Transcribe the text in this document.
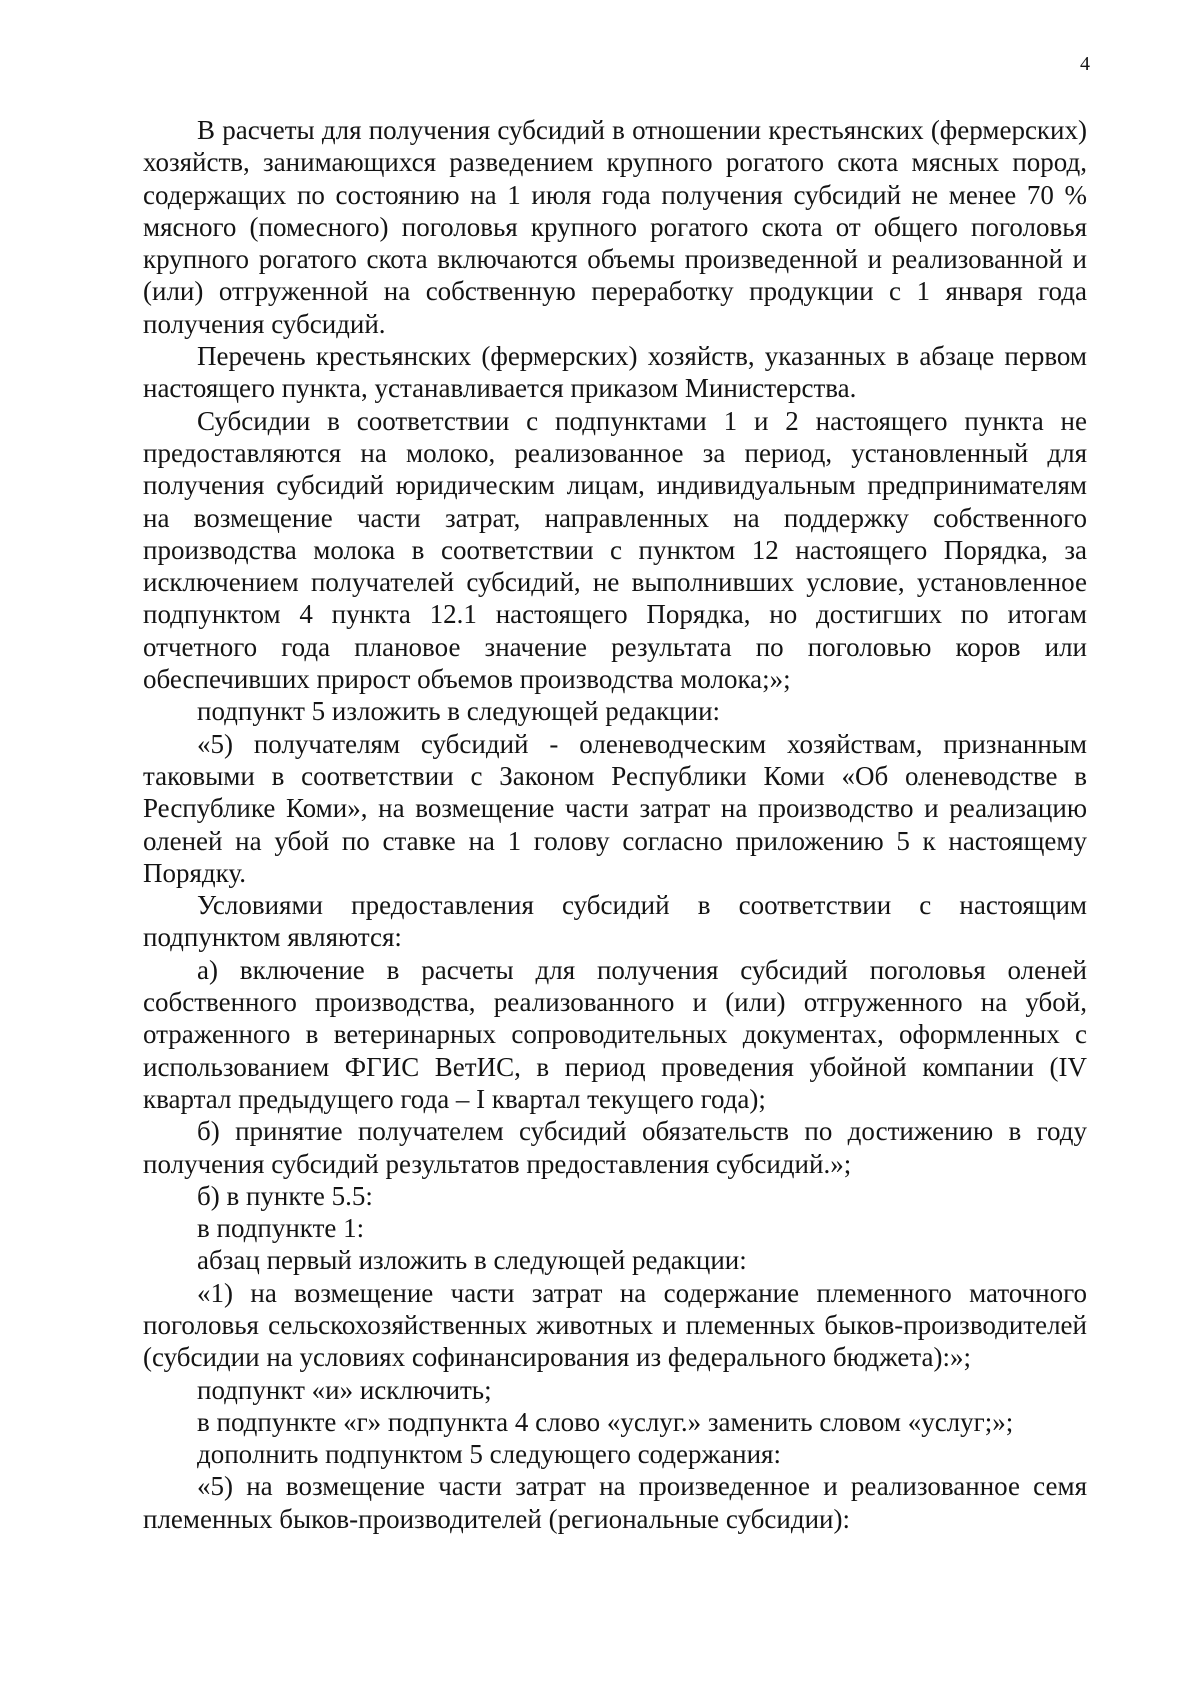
4

В расчеты для получения субсидий в отношении крестьянских (фермерских) хозяйств, занимающихся разведением крупного рогатого скота мясных пород, содержащих по состоянию на 1 июля года получения субсидий не менее 70 % мясного (помесного) поголовья крупного рогатого скота от общего поголовья крупного рогатого скота включаются объемы произведенной и реализованной и (или) отгруженной на собственную переработку продукции с 1 января года получения субсидий.

Перечень крестьянских (фермерских) хозяйств, указанных в абзаце первом настоящего пункта, устанавливается приказом Министерства.

Субсидии в соответствии с подпунктами 1 и 2 настоящего пункта не предоставляются на молоко, реализованное за период, установленный для получения субсидий юридическим лицам, индивидуальным предпринимателям на возмещение части затрат, направленных на поддержку собственного производства молока в соответствии с пунктом 12 настоящего Порядка, за исключением получателей субсидий, не выполнивших условие, установленное подпунктом 4 пункта 12.1 настоящего Порядка, но достигших по итогам отчетного года плановое значение результата по поголовью коров или обеспечивших прирост объемов производства молока;»;

подпункт 5 изложить в следующей редакции:

«5) получателям субсидий - оленеводческим хозяйствам, признанным таковыми в соответствии с Законом Республики Коми «Об оленеводстве в Республике Коми», на возмещение части затрат на производство и реализацию оленей на убой по ставке на 1 голову согласно приложению 5 к настоящему Порядку.

Условиями предоставления субсидий в соответствии с настоящим подпунктом являются:

а) включение в расчеты для получения субсидий поголовья оленей собственного производства, реализованного и (или) отгруженного на убой, отраженного в ветеринарных сопроводительных документах, оформленных с использованием ФГИС ВетИС, в период проведения убойной компании (IV квартал предыдущего года – I квартал текущего года);

б) принятие получателем субсидий обязательств по достижению в году получения субсидий результатов предоставления субсидий.»;

б) в пункте 5.5:

в подпункте 1:

абзац первый изложить в следующей редакции:

«1) на возмещение части затрат на содержание племенного маточного поголовья сельскохозяйственных животных и племенных быков-производителей (субсидии на условиях софинансирования из федерального бюджета):»;

подпункт «и» исключить;

в подпункте «г» подпункта 4 слово «услуг.» заменить словом «услуг;»;

дополнить подпунктом 5 следующего содержания:

«5) на возмещение части затрат на произведенное и реализованное семя племенных быков-производителей (региональные субсидии):
